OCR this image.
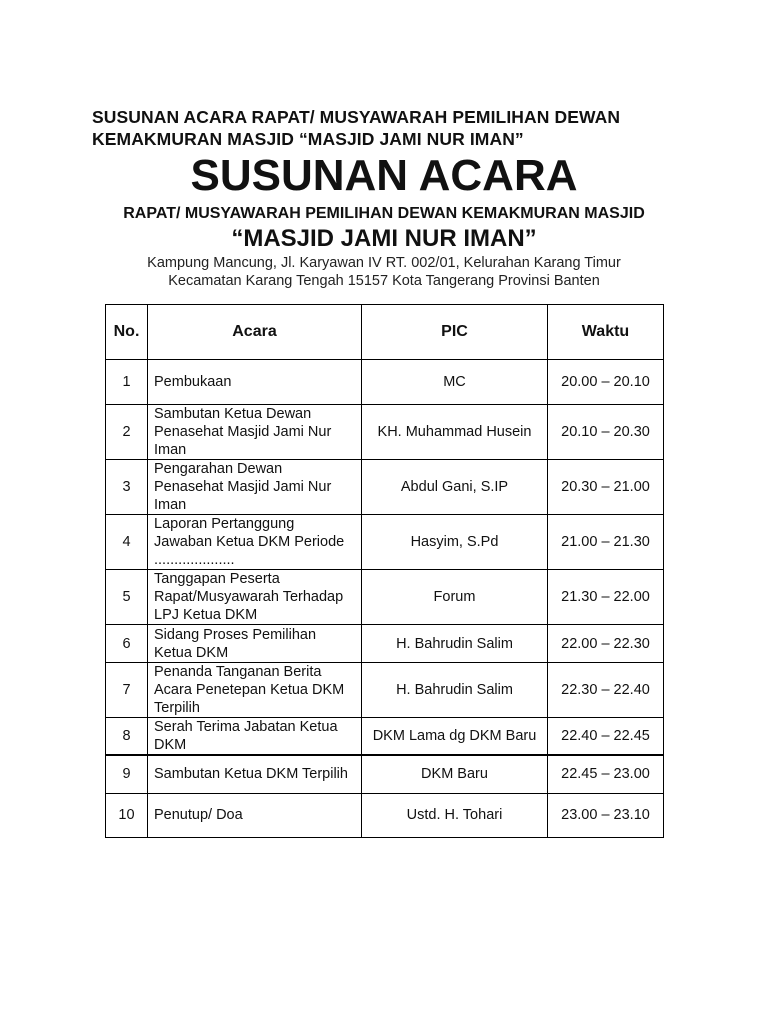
SUSUNAN ACARA RAPAT/ MUSYAWARAH PEMILIHAN DEWAN
KEMAKMURAN MASJID “MASJID JAMI NUR IMAN”
SUSUNAN ACARA
RAPAT/ MUSYAWARAH PEMILIHAN DEWAN KEMAKMURAN MASJID
“MASJID JAMI NUR IMAN”
Kampung Mancung, Jl. Karyawan IV RT. 002/01, Kelurahan Karang Timur
Kecamatan Karang Tengah 15157 Kota Tangerang Provinsi Banten
No.	Acara	PIC	Waktu
1	Pembukaan	MC	20.00 – 20.10
2	Sambutan Ketua Dewan Penasehat Masjid Jami Nur Iman	KH. Muhammad Husein	20.10 – 20.30
3	Pengarahan Dewan Penasehat Masjid Jami Nur Iman	Abdul Gani, S.IP	20.30 – 21.00
4	Laporan Pertanggung Jawaban Ketua DKM Periode ....................	Hasyim, S.Pd	21.00 – 21.30
5	Tanggapan Peserta Rapat/Musyawarah Terhadap LPJ Ketua DKM	Forum	21.30 – 22.00
6	Sidang Proses Pemilihan Ketua DKM	H. Bahrudin Salim	22.00 – 22.30
7	Penanda Tanganan Berita Acara Penetepan Ketua DKM Terpilih	H. Bahrudin Salim	22.30 – 22.40
8	Serah Terima Jabatan Ketua DKM	DKM Lama dg DKM Baru	22.40 – 22.45
9	Sambutan Ketua DKM Terpilih	DKM Baru	22.45 – 23.00
10	Penutup/ Doa	Ustd. H. Tohari	23.00 – 23.10
